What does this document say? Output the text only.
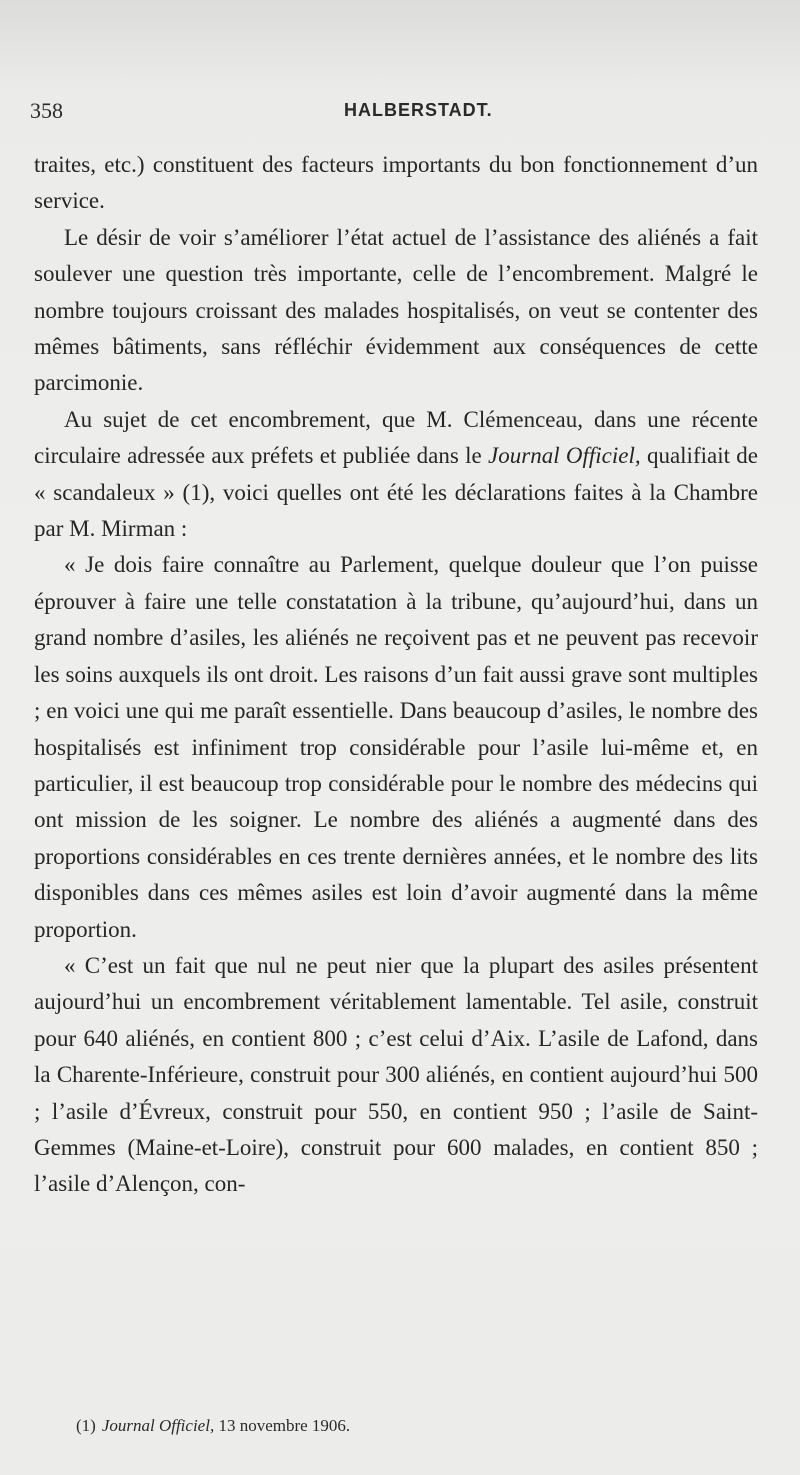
358	HALBERSTADT.

traites, etc.) constituent des facteurs importants du bon fonctionnement d’un service.

Le désir de voir s’améliorer l’état actuel de l’assistance des aliénés a fait soulever une question très importante, celle de l’encombrement. Malgré le nombre toujours croissant des malades hospitalisés, on veut se contenter des mêmes bâtiments, sans réfléchir évidemment aux conséquences de cette parcimonie.

Au sujet de cet encombrement, que M. Clémenceau, dans une récente circulaire adressée aux préfets et publiée dans le Journal Officiel, qualifiait de « scandaleux » (1), voici quelles ont été les déclarations faites à la Chambre par M. Mirman :

« Je dois faire connaître au Parlement, quelque douleur que l’on puisse éprouver à faire une telle constatation à la tribune, qu’aujourd’hui, dans un grand nombre d’asiles, les aliénés ne reçoivent pas et ne peuvent pas recevoir les soins auxquels ils ont droit. Les raisons d’un fait aussi grave sont multiples ; en voici une qui me paraît essentielle. Dans beaucoup d’asiles, le nombre des hospitalisés est infiniment trop considérable pour l’asile lui-même et, en particulier, il est beaucoup trop considérable pour le nombre des médecins qui ont mission de les soigner. Le nombre des aliénés a augmenté dans des proportions considérables en ces trente dernières années, et le nombre des lits disponibles dans ces mêmes asiles est loin d’avoir augmenté dans la même proportion.

« C’est un fait que nul ne peut nier que la plupart des asiles présentent aujourd’hui un encombrement véritablement lamentable. Tel asile, construit pour 640 aliénés, en contient 800 ; c’est celui d’Aix. L’asile de Lafond, dans la Charente-Inférieure, construit pour 300 aliénés, en contient aujourd’hui 500 ; l’asile d’Évreux, construit pour 550, en contient 950 ; l’asile de Saint-Gemmes (Maine-et-Loire), construit pour 600 malades, en contient 850 ; l’asile d’Alençon, con-

(1) Journal Officiel, 13 novembre 1906.
